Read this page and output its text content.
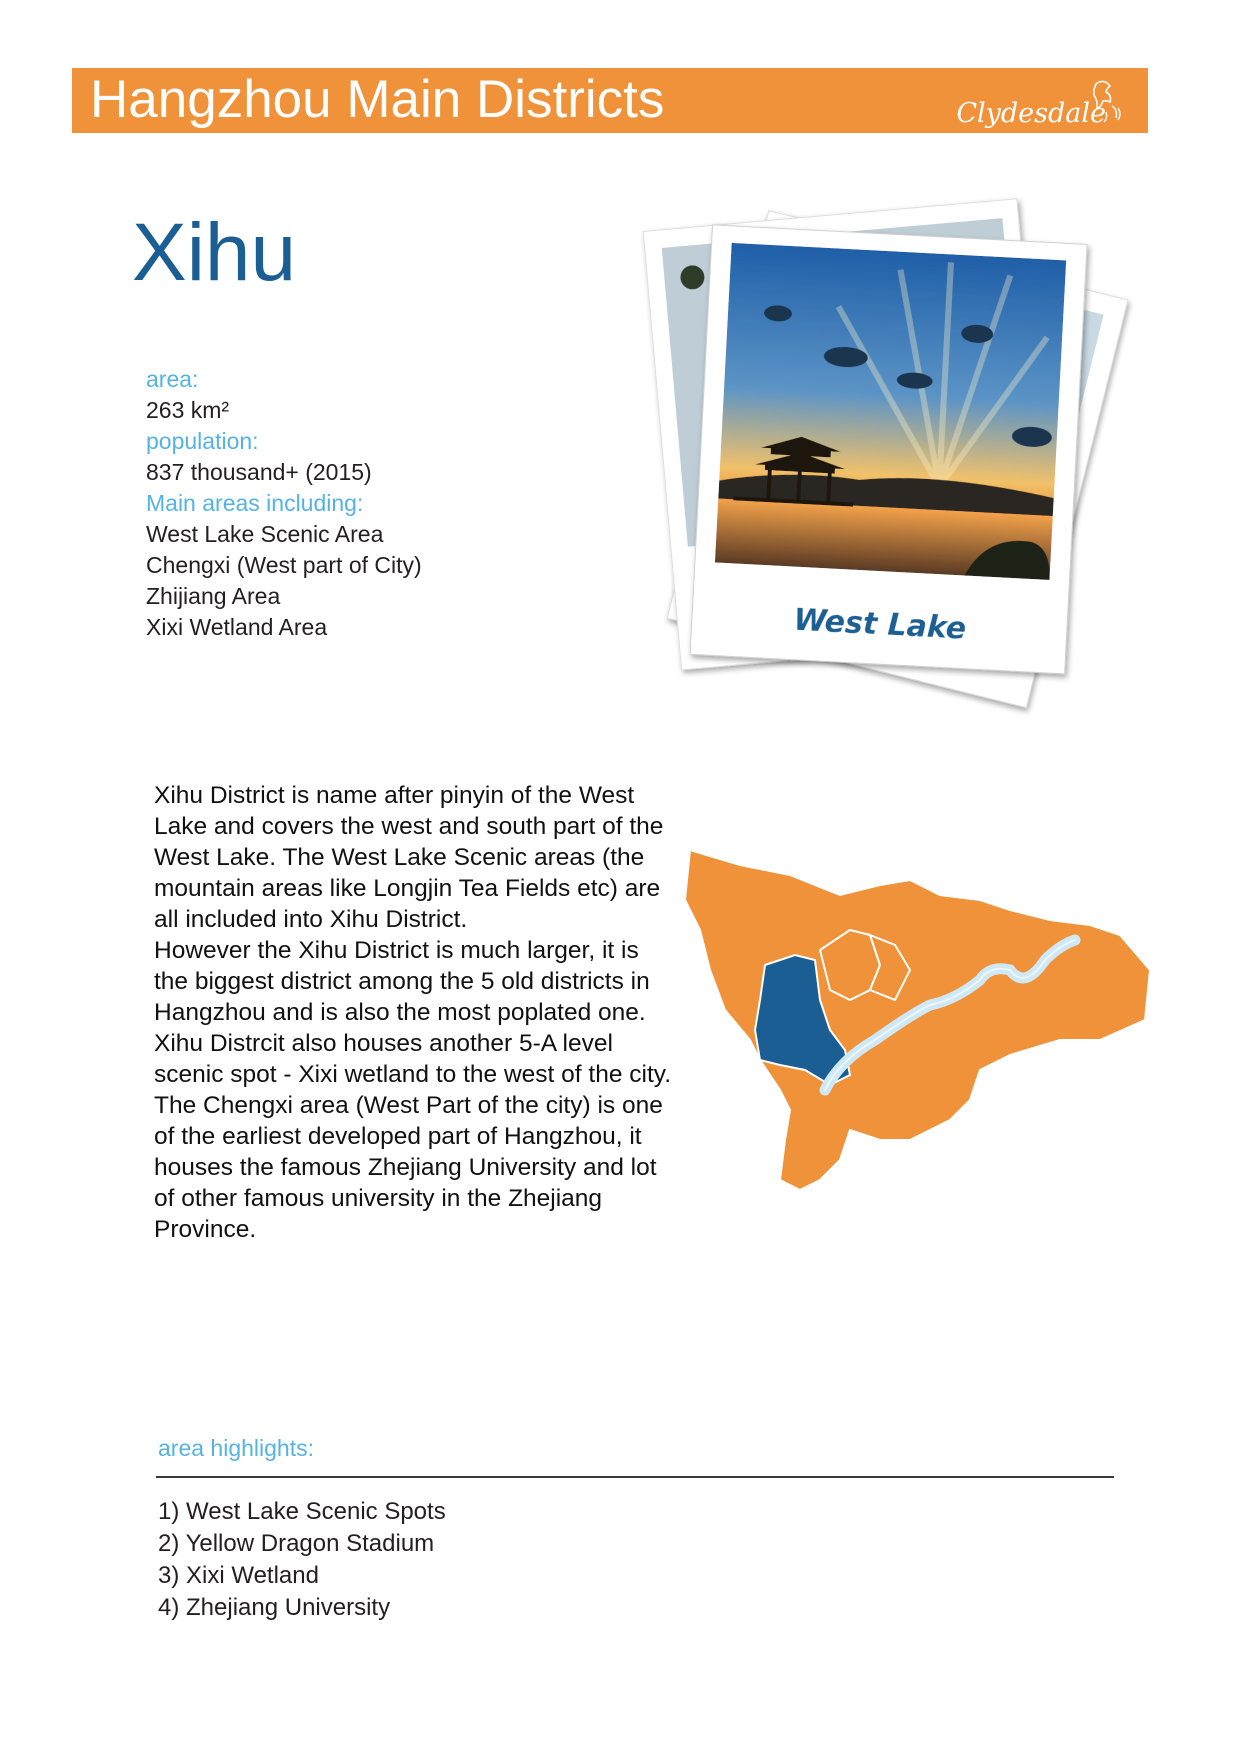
Hangzhou Main Districts	Clydesdale
Xihu
area:
263 km²
population:
837 thousand+ (2015)
Main areas including:
West Lake Scenic Area
Chengxi (West part of City)
Zhijiang Area
Xixi Wetland Area	West Lake

Xihu District is name after pinyin of the West Lake and covers the west and south part of the West Lake. The West Lake Scenic areas (the mountain areas like Longjin Tea Fields etc) are all included into Xihu District.

However the Xihu District is much larger, it is the biggest district among the 5 old districts in Hangzhou and is also the most poplated one.

Xihu Distrcit also houses another 5-A level scenic spot - Xixi wetland to the west of the city.

The Chengxi area (West Part of the city) is one of the earliest developed part of Hangzhou, it houses the famous Zhejiang University and lot of other famous university in the Zhejiang Province.

area highlights:
1) West Lake Scenic Spots
2) Yellow Dragon Stadium
3) Xixi Wetland
4) Zhejiang University
